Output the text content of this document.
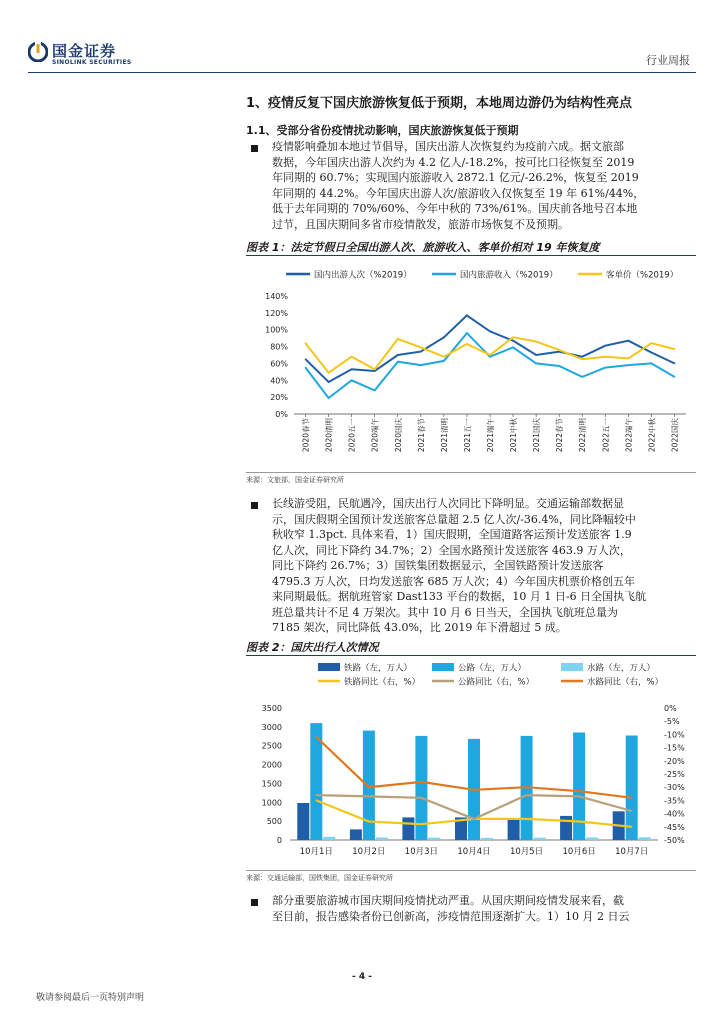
国金证券
SINOLINK SECURITIES	行业周报
1、疫情反复下国庆旅游恢复低于预期，本地周边游仍为结构性亮点
1.1、受部分省份疫情扰动影响，国庆旅游恢复低于预期
疫情影响叠加本地过节倡导，国庆出游人次恢复约为疫前六成。据文旅部
数据，今年国庆出游人次约为 4.2 亿人/-18.2%，按可比口径恢复至 2019
年同期的 60.7%；实现国内旅游收入 2872.1 亿元/-26.2%，恢复至 2019
年同期的 44.2%。今年国庆出游人次/旅游收入仅恢复至 19 年 61%/44%，
低于去年同期的 70%/60%、今年中秋的 73%/61%。国庆前各地号召本地
过节，且国庆期间多省市疫情散发，旅游市场恢复不及预期。
图表 1：法定节假日全国出游人次、旅游收入、客单价相对 19 年恢复度
国内出游人次（%2019）	国内旅游收入（%2019）	客单价（%2019）
0%
20%
40%
60%
80%
100%
120%
140%
2020春节 2020清明 2020五一 2020端午 2020国庆 2021春节 2021清明 2021五一 2021端午 2021中秋 2021国庆 2022春节 2022清明 2022五一 2022端午 2022中秋 2022国庆
来源：文旅部，国金证券研究所
长线游受阻，民航遇冷，国庆出行人次同比下降明显。交通运输部数据显
示，国庆假期全国预计发送旅客总量超 2.5 亿人次/-36.4%，同比降幅较中
秋收窄 1.3pct. 具体来看，1）国庆假期，全国道路客运预计发送旅客 1.9
亿人次，同比下降约 34.7%；2）全国水路预计发送旅客 463.9 万人次，
同比下降约 26.7%；3）国铁集团数据显示，全国铁路预计发送旅客
4795.3 万人次，日均发送旅客 685 万人次；4）今年国庆机票价格创五年
来同期最低。据航班管家 Dast133 平台的数据，10 月 1 日-6 日全国执飞航
班总量共计不足 4 万架次。其中 10 月 6 日当天，全国执飞航班总量为
7185 架次，同比降低 43.0%，比 2019 年下滑超过 5 成。
图表 2：国庆出行人次情况
铁路（左，万人）	公路（左，万人）	水路（左，万人）
铁路同比（右，%）	公路同比（右，%）	水路同比（右，%）
0
500
1000
1500
2000
2500
3000
3500
-50%
-45%
-40%
-35%
-30%
-25%
-20%
-15%
-10%
-5%
0%
10月1日 10月2日 10月3日 10月4日 10月5日 10月6日 10月7日
来源：交通运输部，国铁集团，国金证券研究所
部分重要旅游城市国庆期间疫情扰动严重。从国庆期间疫情发展来看，截
至目前，报告感染者份已创新高，涉疫情范围逐渐扩大。1）10 月 2 日云
- 4 -
敬请参阅最后一页特别声明
